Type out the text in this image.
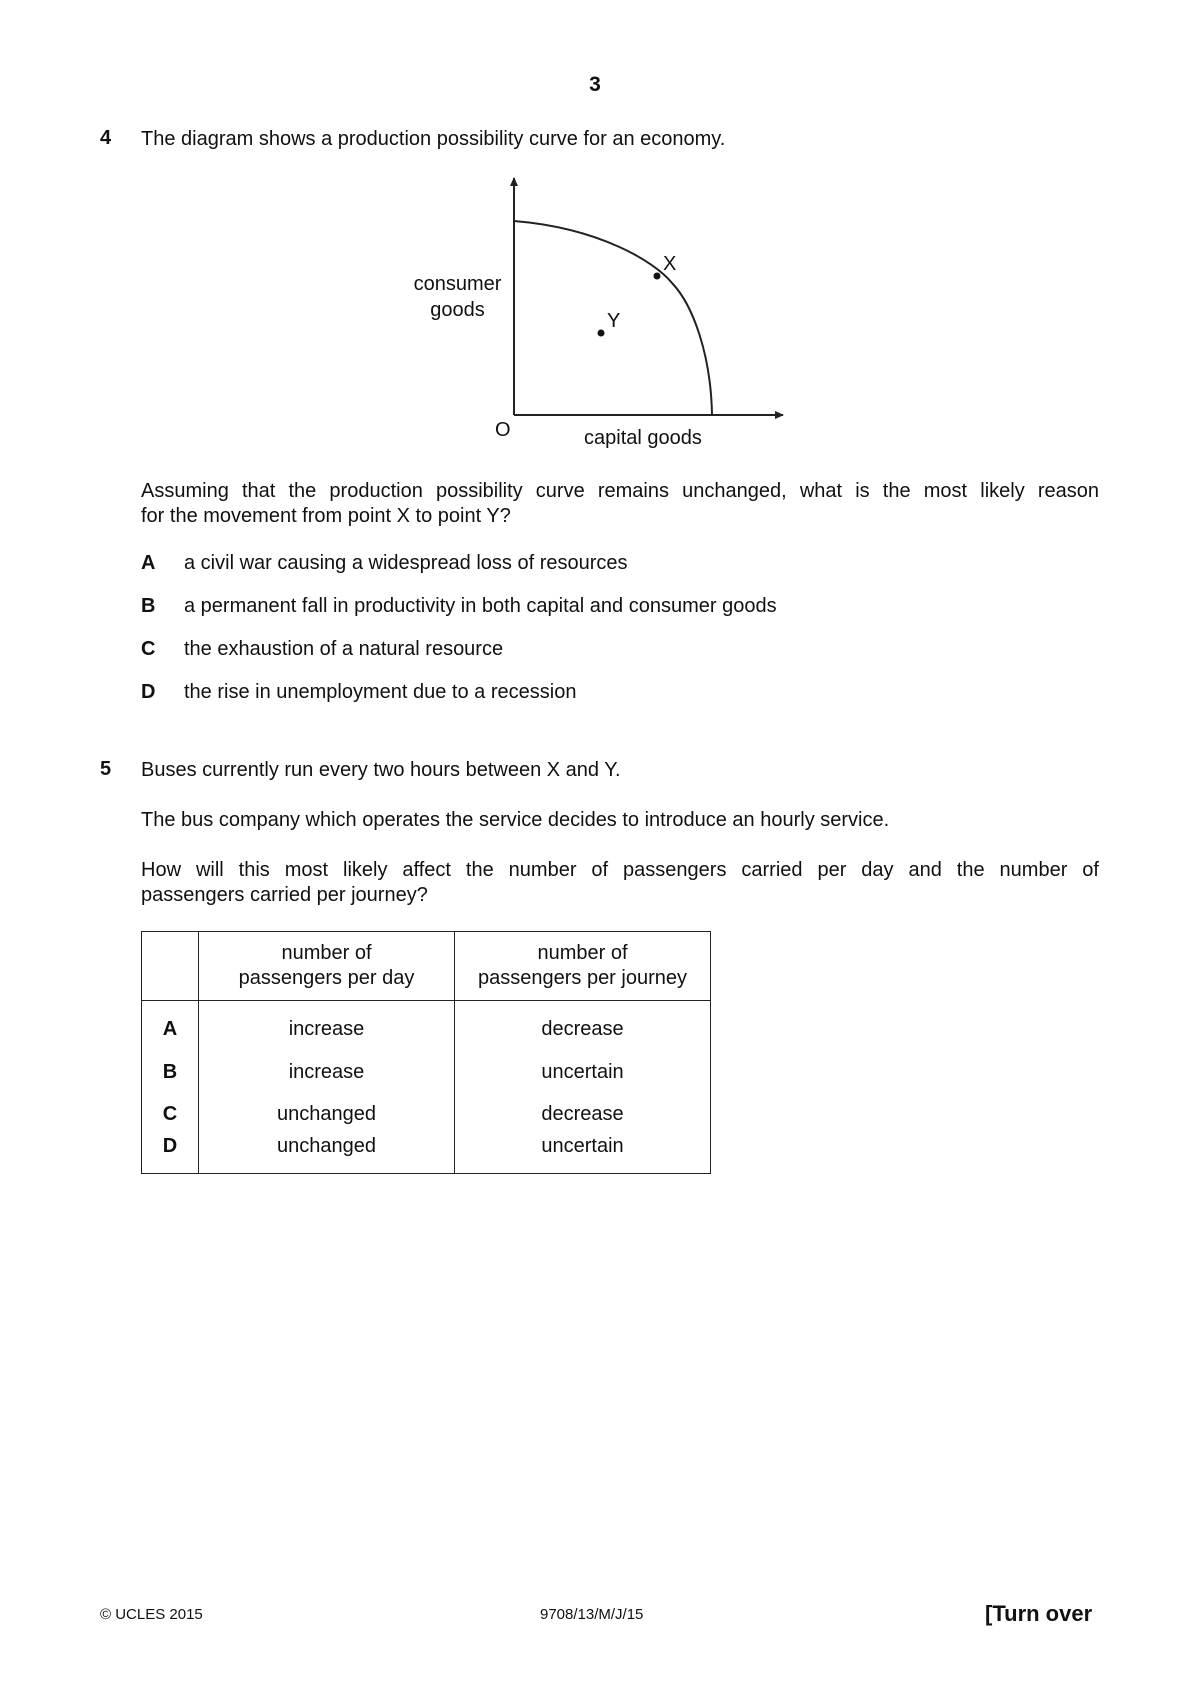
3
4 The diagram shows a production possibility curve for an economy.
consumer
goods
O	capital goods
X
Y
Assuming that the production possibility curve remains unchanged, what is the most likely reason
for the movement from point X to point Y?
A a civil war causing a widespread loss of resources
B a permanent fall in productivity in both capital and consumer goods
C the exhaustion of a natural resource
D the rise in unemployment due to a recession
5 Buses currently run every two hours between X and Y.
The bus company which operates the service decides to introduce an hourly service.
How will this most likely affect the number of passengers carried per day and the number of
passengers carried per journey?
	number of
passengers per day	number of
passengers per journey
A	increase	decrease
B	increase	uncertain
C	unchanged	decrease
D	unchanged	uncertain
© UCLES 2015	9708/13/M/J/15	[Turn over
